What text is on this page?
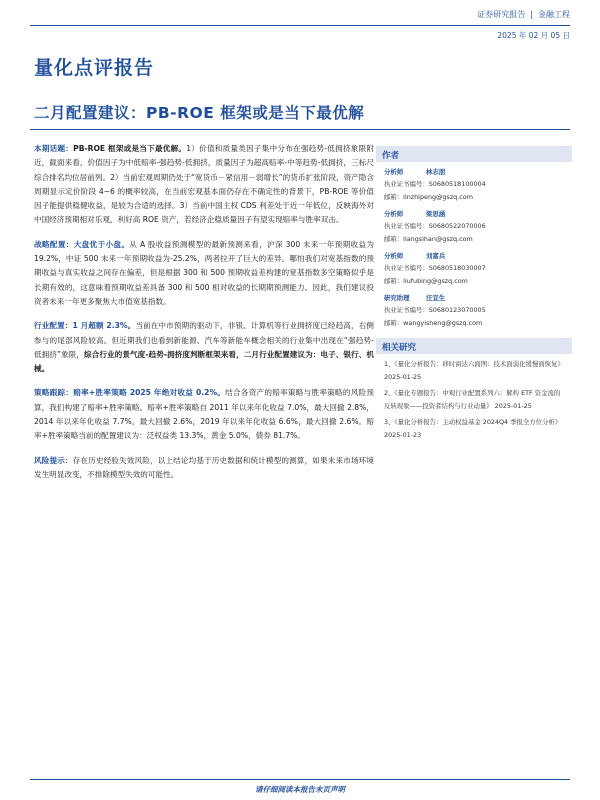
证券研究报告 | 金融工程
2025 年 02 月 05 日
量化点评报告
二月配置建议：PB-ROE 框架或是当下最优解

本期话题：PB-ROE 框架或是当下最优解。1）价值和质量类因子集中分布在强趋势-低拥挤象限附近，截面来看，价值因子为中低赔率-强趋势-低拥挤，质量因子为超高赔率-中等趋势-低拥挤，三标尺综合排名均位居前列。2）当前宏观周期仍处于“宽货币－紧信用－弱增长”的货币扩张阶段，资产隐含周期显示定价阶段 4~6 的概率较高，在当前宏观基本面仍存在不确定性的背景下，PB-ROE 等价值因子能提供稳健收益，是较为合适的选择。3）当前中国主权 CDS 利差处于近一年低位，反映海外对中国经济预期相对乐观，利好高 ROE 资产，若经济企稳质量因子有望实现赔率与胜率双击。

战略配置：大盘优于小盘。从 A 股收益预测模型的最新预测来看，沪深 300 未来一年预期收益为 19.2%，中证 500 未来一年预期收益为-25.2%，两者拉开了巨大的差异。哪怕我们对宽基指数的预期收益与真实收益之间存在偏差，但是根据 300 和 500 预期收益差构建的宽基指数多空策略似乎是长期有效的，这意味着预期收益差具备 300 和 500 相对收益的长期期预测能力。因此，我们建议投资者未来一年更多聚焦大市值宽基指数。

行业配置：1 月超额 2.3%。当前在中市预期的驱动下，非银、计算机等行业拥挤度已经趋高，右侧参与的尾部风险较高。但近期我们也看到新能源、汽车等新能车概念相关的行业集中出现在“强趋势-低拥挤”象限，综合行业的景气度-趋势-拥挤度判断框架来看，二月行业配置建议为：电子、银行、机械。

策略跟踪：赔率+胜率策略 2025 年绝对收益 0.2%。结合各资产的赔率策略与胜率策略的风险预算，我们构建了赔率+胜率策略。赔率+胜率策略自 2011 年以来年化收益 7.0%，最大回撤 2.8%，2014 年以来年化收益 7.7%，最大回撤 2.6%，2019 年以来年化收益 6.6%，最大回撤 2.6%。赔率+胜率策略当前的配置建议为：泛权益类 13.3%，黄金 5.0%，债券 81.7%。

风险提示：存在历史经验失效风险，以上结论均基于历史数据和统计模型的测算，如果未来市场环境发生明显改变，不排除模型失效的可能性。

作者
分析师	林志朋
执业证书编号：S0680518100004
邮箱：linzhipeng@gszq.com
分析师	梁思涵
执业证书编号：S0680522070006
邮箱：liangsihan@gszq.com
分析师	刘富兵
执业证书编号：S0680518030007
邮箱：liufubing@gszq.com
研究助理	汪宜生
执业证书编号：S0680123070005
邮箱：wangyisheng@gszq.com
相关研究
1、《量化分析报告：移时窗达六面图：技术面弱化缓慢面恢复》 2025-01-25
2、《量化专题报告：中观行业配置系列六：解构 ETF 资金流的反转现象——投资者结构与行业动量》 2025-01-25
3、《量化分析报告：主动权益基金 2024Q4 季报全方位分析》 2025-01-23
请仔细阅读本报告末页声明
